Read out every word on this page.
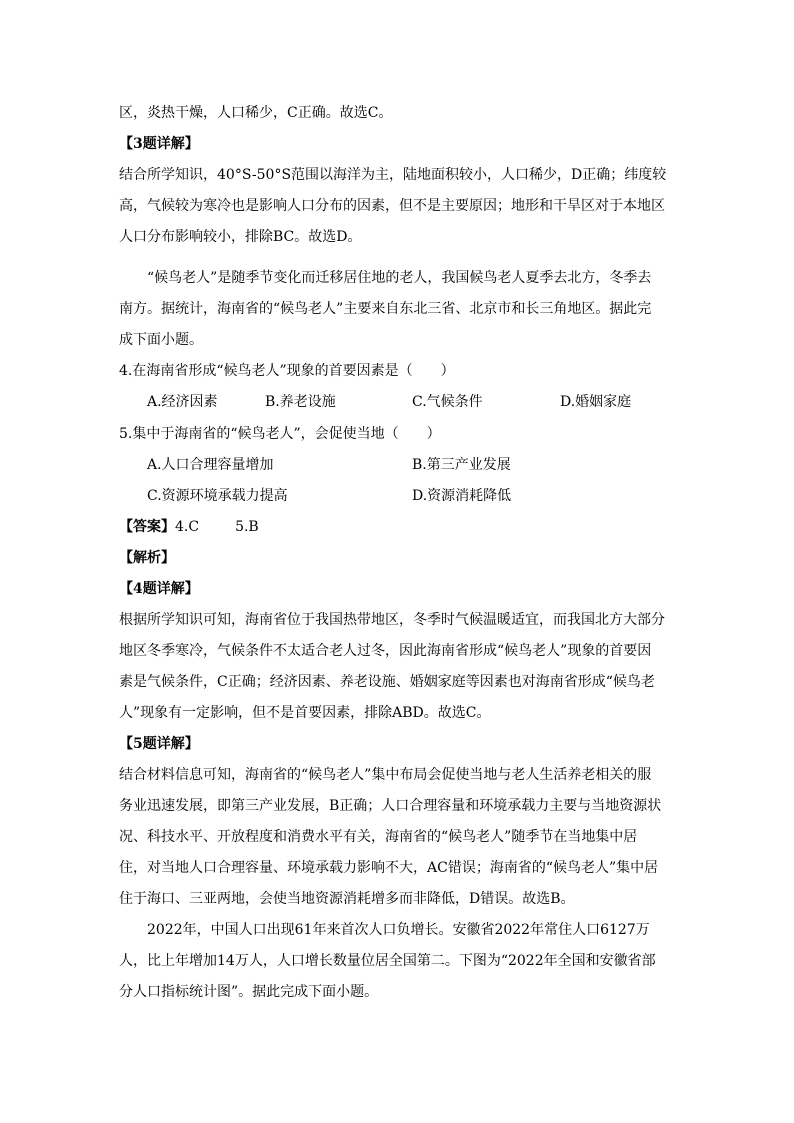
区，炎热干燥，人口稀少，C正确。故选C。
【3题详解】
结合所学知识，40°S-50°S范围以海洋为主，陆地面积较小，人口稀少，D正确；纬度较
高，气候较为寒冷也是影响人口分布的因素，但不是主要原因；地形和干旱区对于本地区
人口分布影响较小，排除BC。故选D。
“候鸟老人”是随季节变化而迁移居住地的老人，我国候鸟老人夏季去北方，冬季去
南方。据统计，海南省的“候鸟老人”主要来自东北三省、北京市和长三角地区。据此完
成下面小题。
4.在海南省形成“候鸟老人”现象的首要因素是（　　）
A.经济因素	B.养老设施	C.气候条件	D.婚姻家庭
5.集中于海南省的“候鸟老人”，会促使当地（　　）
A.人口合理容量增加	B.第三产业发展
C.资源环境承载力提高	D.资源消耗降低
【答案】4.C	5.B
【解析】
【4题详解】
根据所学知识可知，海南省位于我国热带地区，冬季时气候温暖适宜，而我国北方大部分
地区冬季寒冷，气候条件不太适合老人过冬，因此海南省形成“候鸟老人”现象的首要因
素是气候条件，C正确；经济因素、养老设施、婚姻家庭等因素也对海南省形成“候鸟老
人”现象有一定影响，但不是首要因素，排除ABD。故选C。
【5题详解】
结合材料信息可知，海南省的“候鸟老人”集中布局会促使当地与老人生活养老相关的服
务业迅速发展，即第三产业发展，B正确；人口合理容量和环境承载力主要与当地资源状
况、科技水平、开放程度和消费水平有关，海南省的“候鸟老人”随季节在当地集中居
住，对当地人口合理容量、环境承载力影响不大，AC错误；海南省的“候鸟老人”集中居
住于海口、三亚两地，会使当地资源消耗增多而非降低，D错误。故选B。
2022年，中国人口出现61年来首次人口负增长。安徽省2022年常住人口6127万
人，比上年增加14万人，人口增长数量位居全国第二。下图为“2022年全国和安徽省部
分人口指标统计图”。据此完成下面小题。
